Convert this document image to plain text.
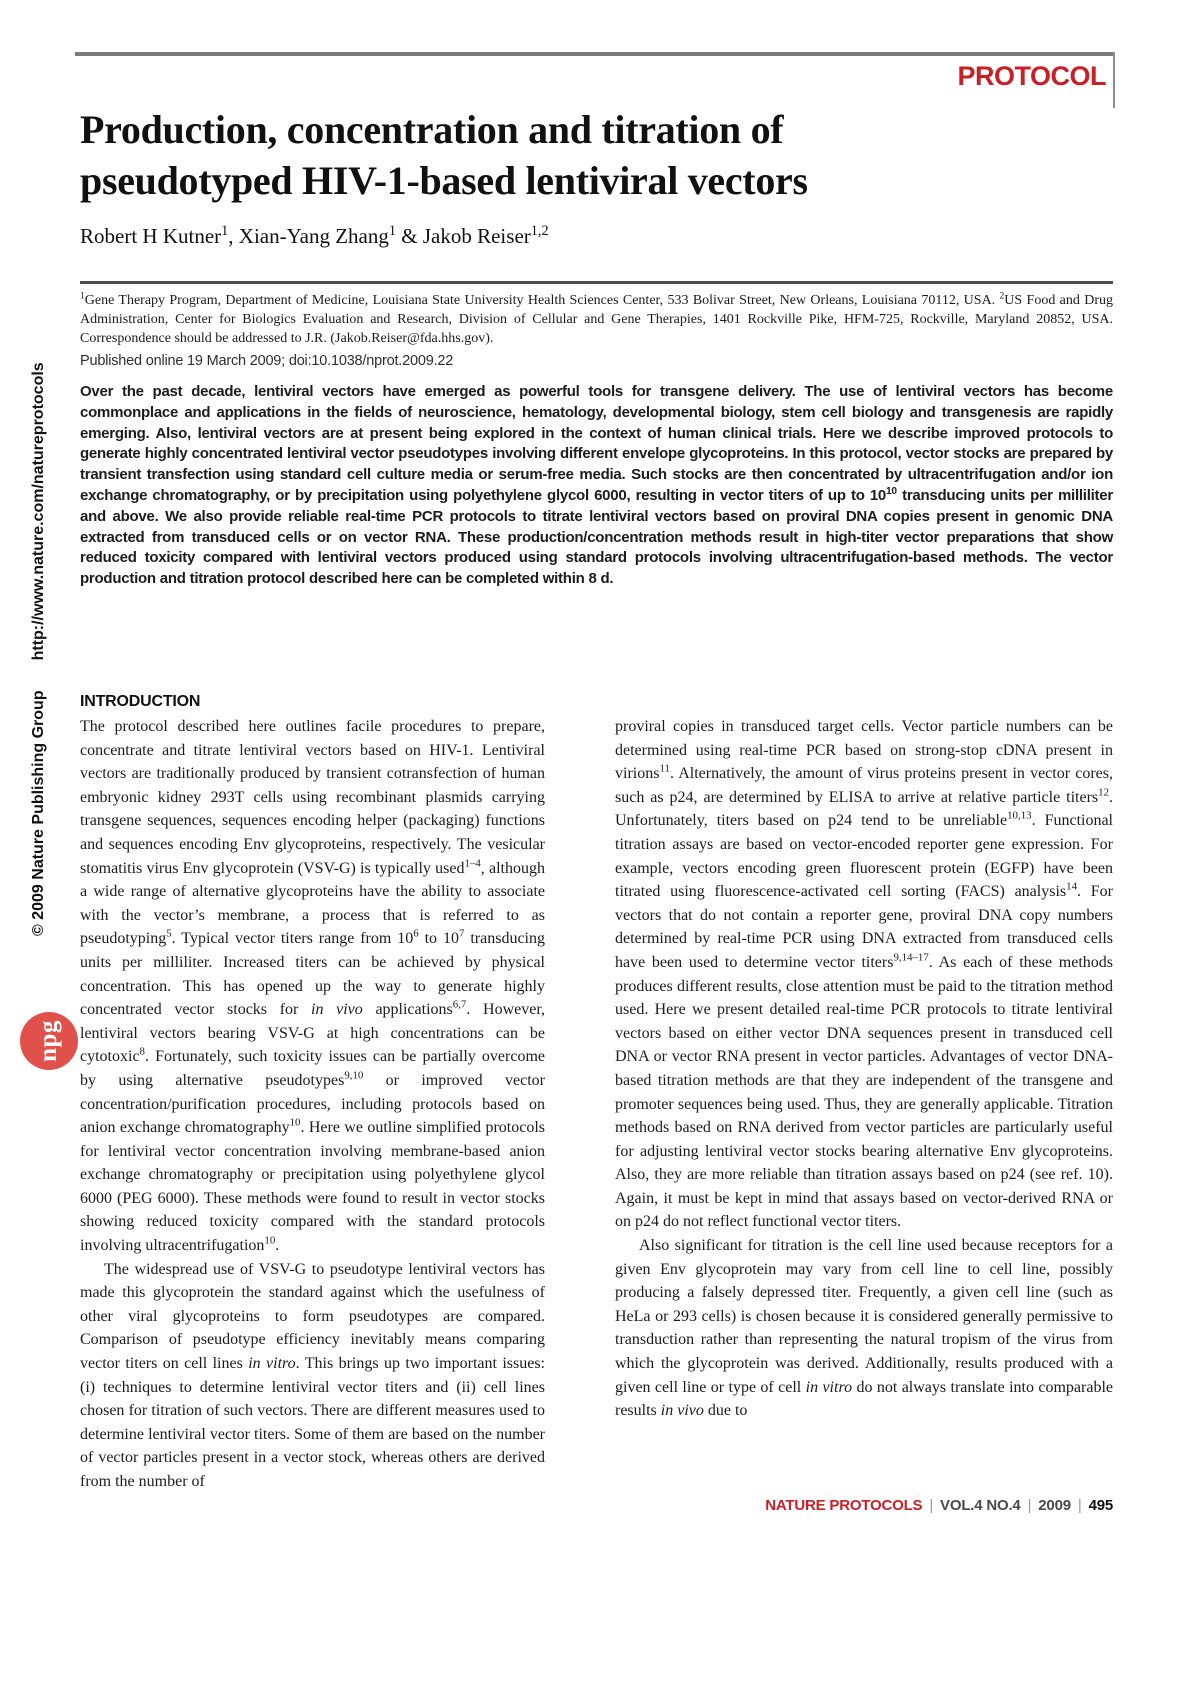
PROTOCOL
Production, concentration and titration of pseudotyped HIV-1-based lentiviral vectors
Robert H Kutner$^1$, Xian-Yang Zhang$^1$ & Jakob Reiser$^{1,2}$
$^1$Gene Therapy Program, Department of Medicine, Louisiana State University Health Sciences Center, 533 Bolivar Street, New Orleans, Louisiana 70112, USA. $^2$US Food and Drug Administration, Center for Biologics Evaluation and Research, Division of Cellular and Gene Therapies, 1401 Rockville Pike, HFM-725, Rockville, Maryland 20852, USA. Correspondence should be addressed to J.R. (Jakob.Reiser@fda.hhs.gov).
Published online 19 March 2009; doi:10.1038/nprot.2009.22
Over the past decade, lentiviral vectors have emerged as powerful tools for transgene delivery. The use of lentiviral vectors has become commonplace and applications in the fields of neuroscience, hematology, developmental biology, stem cell biology and transgenesis are rapidly emerging. Also, lentiviral vectors are at present being explored in the context of human clinical trials. Here we describe improved protocols to generate highly concentrated lentiviral vector pseudotypes involving different envelope glycoproteins. In this protocol, vector stocks are prepared by transient transfection using standard cell culture media or serum-free media. Such stocks are then concentrated by ultracentrifugation and/or ion exchange chromatography, or by precipitation using polyethylene glycol 6000, resulting in vector titers of up to $10^{10}$ transducing units per milliliter and above. We also provide reliable real-time PCR protocols to titrate lentiviral vectors based on proviral DNA copies present in genomic DNA extracted from transduced cells or on vector RNA. These production/concentration methods result in high-titer vector preparations that show reduced toxicity compared with lentiviral vectors produced using standard protocols involving ultracentrifugation-based methods. The vector production and titration protocol described here can be completed within 8 d.
INTRODUCTION

The protocol described here outlines facile procedures to prepare, concentrate and titrate lentiviral vectors based on HIV-1. Lentiviral vectors are traditionally produced by transient cotransfection of human embryonic kidney 293T cells using recombinant plasmids carrying transgene sequences, sequences encoding helper (packaging) functions and sequences encoding Env glycoproteins, respectively. The vesicular stomatitis virus Env glycoprotein (VSV-G) is typically used$^{1-4}$, although a wide range of alternative glycoproteins have the ability to associate with the vector’s membrane, a process that is referred to as pseudotyping$^5$. Typical vector titers range from $10^6$ to $10^7$ transducing units per milliliter. Increased titers can be achieved by physical concentration. This has opened up the way to generate highly concentrated vector stocks for in vivo applications$^{6,7}$. However, lentiviral vectors bearing VSV-G at high concentrations can be cytotoxic$^8$. Fortunately, such toxicity issues can be partially overcome by using alternative pseudotypes$^{9,10}$ or improved vector concentration/purification procedures, including protocols based on anion exchange chromatography$^{10}$. Here we outline simplified protocols for lentiviral vector concentration involving membrane-based anion exchange chromatography or precipitation using polyethylene glycol 6000 (PEG 6000). These methods were found to result in vector stocks showing reduced toxicity compared with the standard protocols involving ultracentrifugation$^{10}$.

The widespread use of VSV-G to pseudotype lentiviral vectors has made this glycoprotein the standard against which the usefulness of other viral glycoproteins to form pseudotypes are compared. Comparison of pseudotype efficiency inevitably means comparing vector titers on cell lines in vitro. This brings up two important issues: (i) techniques to determine lentiviral vector titers and (ii) cell lines chosen for titration of such vectors. There are different measures used to determine lentiviral vector titers. Some of them are based on the number of vector particles present in a vector stock, whereas others are derived from the number of

proviral copies in transduced target cells. Vector particle numbers can be determined using real-time PCR based on strong-stop cDNA present in virions$^{11}$. Alternatively, the amount of virus proteins present in vector cores, such as p24, are determined by ELISA to arrive at relative particle titers$^{12}$. Unfortunately, titers based on p24 tend to be unreliable$^{10,13}$. Functional titration assays are based on vector-encoded reporter gene expression. For example, vectors encoding green fluorescent protein (EGFP) have been titrated using fluorescence-activated cell sorting (FACS) analysis$^{14}$. For vectors that do not contain a reporter gene, proviral DNA copy numbers determined by real-time PCR using DNA extracted from transduced cells have been used to determine vector titers$^{9,14-17}$. As each of these methods produces different results, close attention must be paid to the titration method used. Here we present detailed real-time PCR protocols to titrate lentiviral vectors based on either vector DNA sequences present in transduced cell DNA or vector RNA present in vector particles. Advantages of vector DNA-based titration methods are that they are independent of the transgene and promoter sequences being used. Thus, they are generally applicable. Titration methods based on RNA derived from vector particles are particularly useful for adjusting lentiviral vector stocks bearing alternative Env glycoproteins. Also, they are more reliable than titration assays based on p24 (see ref. 10). Again, it must be kept in mind that assays based on vector-derived RNA or on p24 do not reflect functional vector titers.

Also significant for titration is the cell line used because receptors for a given Env glycoprotein may vary from cell line to cell line, possibly producing a falsely depressed titer. Frequently, a given cell line (such as HeLa or 293 cells) is chosen because it is considered generally permissive to transduction rather than representing the natural tropism of the virus from which the glycoprotein was derived. Additionally, results produced with a given cell line or type of cell in vitro do not always translate into comparable results in vivo due to

NATURE PROTOCOLS | VOL.4 NO.4 | 2009 | 495
© 2009 Nature Publishing Group
http://www.nature.com/natureprotocols
npg
